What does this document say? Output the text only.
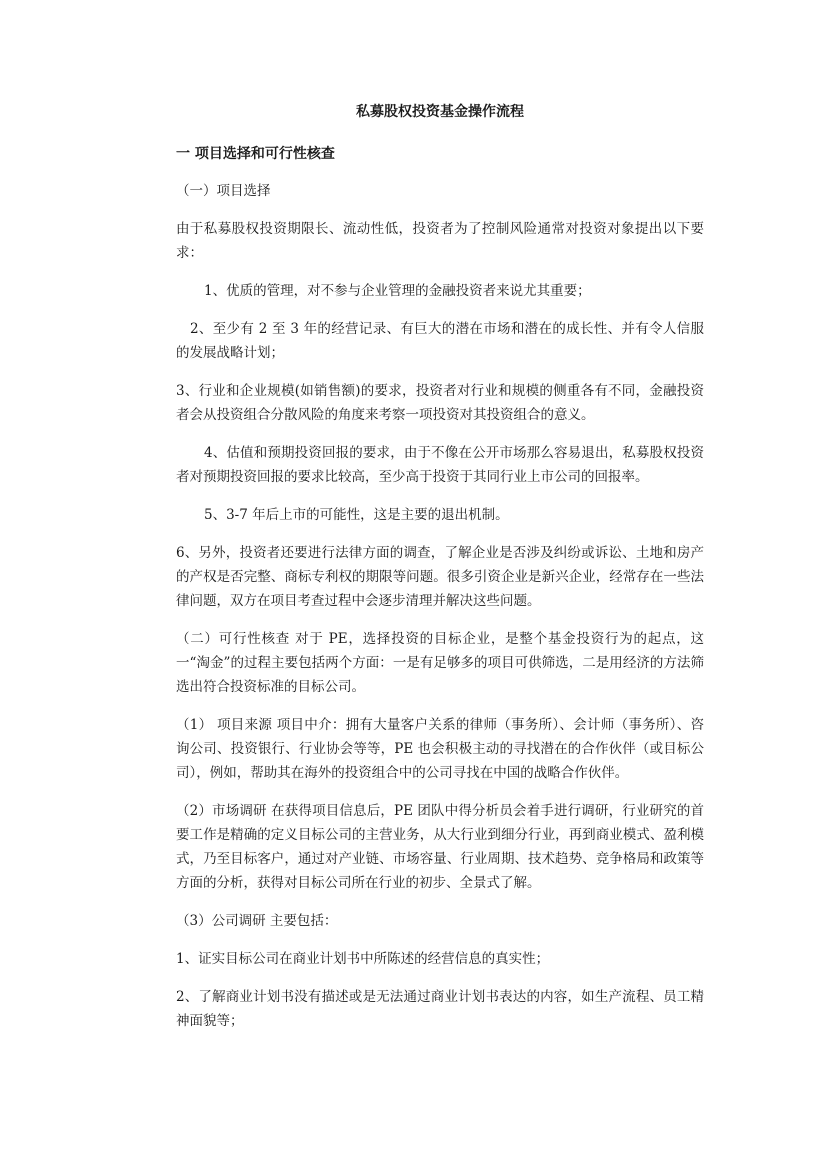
私募股权投资基金操作流程
一 项目选择和可行性核查

（一）项目选择

由于私募股权投资期限长、流动性低，投资者为了控制风险通常对投资对象提出以下要求：

1、优质的管理，对不参与企业管理的金融投资者来说尤其重要；

2、至少有 2 至 3 年的经营记录、有巨大的潜在市场和潜在的成长性、并有令人信服的发展战略计划；

3、行业和企业规模(如销售额)的要求，投资者对行业和规模的侧重各有不同，金融投资者会从投资组合分散风险的角度来考察一项投资对其投资组合的意义。

4、估值和预期投资回报的要求，由于不像在公开市场那么容易退出，私募股权投资者对预期投资回报的要求比较高，至少高于投资于其同行业上市公司的回报率。

5、3-7 年后上市的可能性，这是主要的退出机制。

6、另外，投资者还要进行法律方面的调查，了解企业是否涉及纠纷或诉讼、土地和房产的产权是否完整、商标专利权的期限等问题。很多引资企业是新兴企业，经常存在一些法律问题，双方在项目考查过程中会逐步清理并解决这些问题。

（二）可行性核查 对于 PE，选择投资的目标企业，是整个基金投资行为的起点，这一“淘金”的过程主要包括两个方面：一是有足够多的项目可供筛选，二是用经济的方法筛选出符合投资标准的目标公司。

（1） 项目来源 项目中介：拥有大量客户关系的律师（事务所）、会计师（事务所）、咨询公司、投资银行、行业协会等等，PE 也会积极主动的寻找潜在的合作伙伴（或目标公司），例如，帮助其在海外的投资组合中的公司寻找在中国的战略合作伙伴。

（2）市场调研 在获得项目信息后，PE 团队中得分析员会着手进行调研，行业研究的首要工作是精确的定义目标公司的主营业务，从大行业到细分行业，再到商业模式、盈利模式，乃至目标客户，通过对产业链、市场容量、行业周期、技术趋势、竞争格局和政策等方面的分析，获得对目标公司所在行业的初步、全景式了解。

（3）公司调研 主要包括：

1、证实目标公司在商业计划书中所陈述的经营信息的真实性；

2、了解商业计划书没有描述或是无法通过商业计划书表达的内容，如生产流程、员工精神面貌等；
